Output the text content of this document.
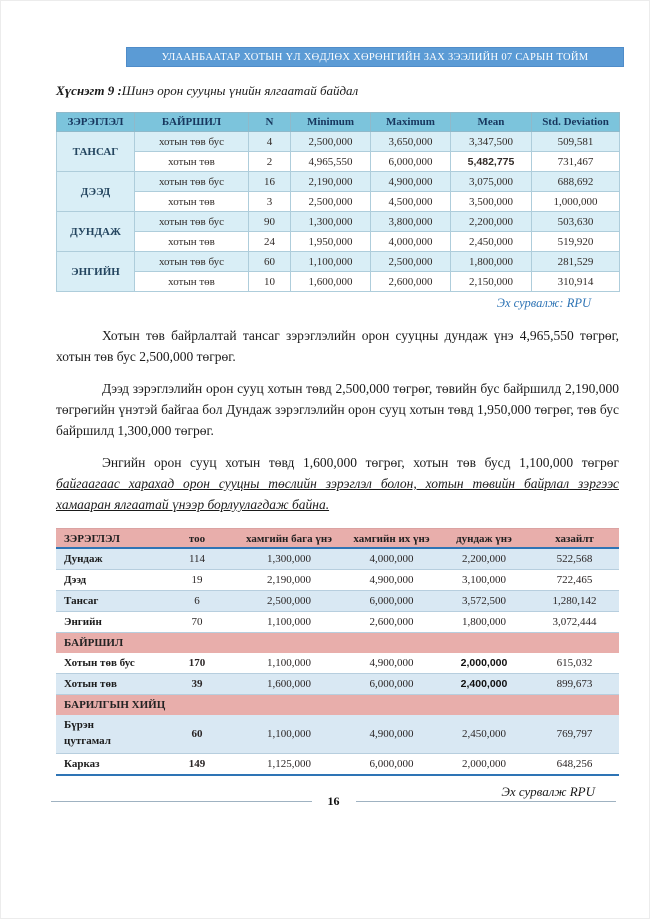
УЛААНБААТАР ХОТЫН ҮЛ ХӨДЛӨХ ХӨРӨНГИЙН ЗАХ ЗЭЭЛИЙН 07 САРЫН ТОЙМ

Хүснэгт 9 :Шинэ орон сууцны үнийн ялгаатай байдал

ЗЭРЭГЛЭЛ	БАЙРШИЛ	N	Minimum	Maximum	Mean	Std. Deviation
ТАНСАГ	хотын төв бус	4	2,500,000	3,650,000	3,347,500	509,581
	хотын төв	2	4,965,550	6,000,000	5,482,775	731,467
ДЭЭД	хотын төв бус	16	2,190,000	4,900,000	3,075,000	688,692
	хотын төв	3	2,500,000	4,500,000	3,500,000	1,000,000
ДУНДАЖ	хотын төв бус	90	1,300,000	3,800,000	2,200,000	503,630
	хотын төв	24	1,950,000	4,000,000	2,450,000	519,920
ЭНГИЙН	хотын төв бус	60	1,100,000	2,500,000	1,800,000	281,529
	хотын төв	10	1,600,000	2,600,000	2,150,000	310,914
Эх сурвалж: RPU

Хотын төв байрлалтай тансаг зэрэглэлийн орон сууцны дундаж үнэ 4,965,550 төгрөг, хотын төв бус 2,500,000 төгрөг.

Дээд зэрэглэлийн орон сууц хотын төвд 2,500,000 төгрөг, төвийн бус байршилд 2,190,000 төгрөгийн үнэтэй байгаа бол Дундаж зэрэглэлийн орон сууц хотын төвд 1,950,000 төгрөг, төв бус байршилд 1,300,000 төгрөг.

Энгийн орон сууц хотын төвд 1,600,000 төгрөг, хотын төв бусд 1,100,000 төгрөг байгаагаас харахад орон сууцны төслийн зэрэглэл болон, хотын төвийн байрлал зэргээс хамааран ялгаатай үнээр борлуулагдаж байна.

ЗЭРЭГЛЭЛ	тоо	хамгийн бага үнэ	хамгийн их үнэ	дундаж үнэ	хазайлт
Дундаж	114	1,300,000	4,000,000	2,200,000	522,568
Дээд	19	2,190,000	4,900,000	3,100,000	722,465
Тансаг	6	2,500,000	6,000,000	3,572,500	1,280,142
Энгийн	70	1,100,000	2,600,000	1,800,000	3,072,444
БАЙРШИЛ					
Хотын төв бус	170	1,100,000	4,900,000	2,000,000	615,032
Хотын төв	39	1,600,000	6,000,000	2,400,000	899,673
БАРИЛГЫН ХИЙЦ					
Бүрэн цутгамал	60	1,100,000	4,900,000	2,450,000	769,797
Карказ	149	1,125,000	6,000,000	2,000,000	648,256
Эх сурвалж RPU
16
